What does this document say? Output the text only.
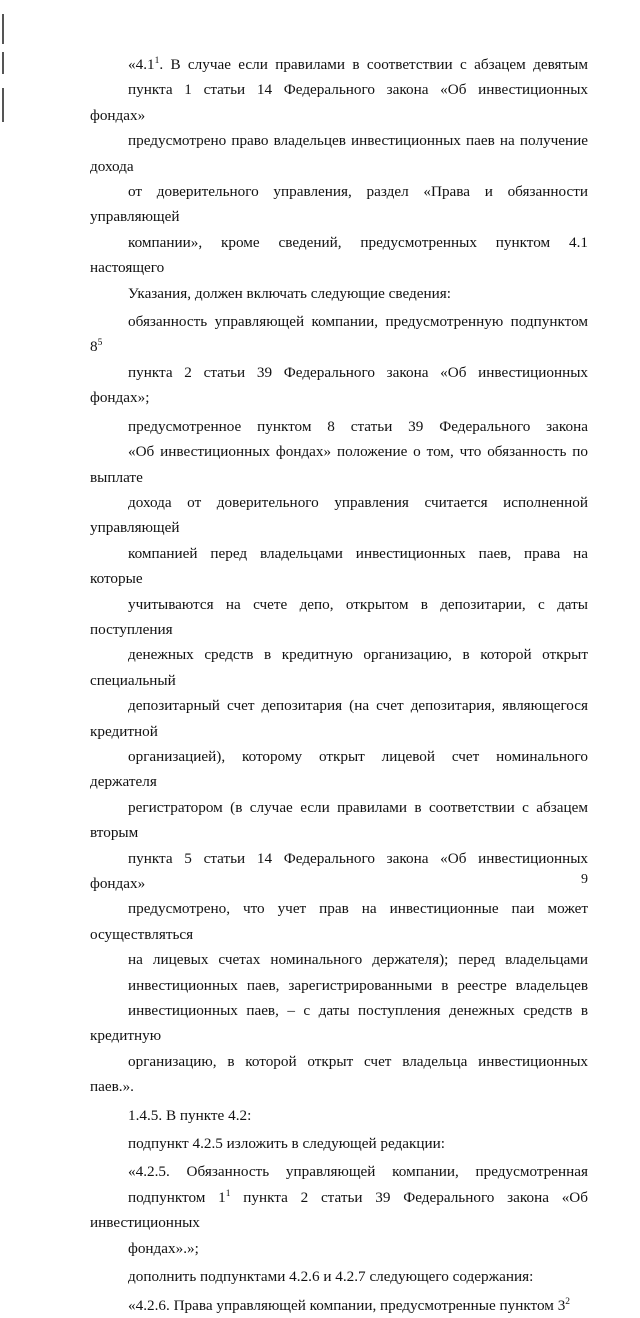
«$4.1^1$. В случае если правилами в соответствии с абзацем девятым
пункта 1 статьи 14 Федерального закона «Об инвестиционных фондах»
предусмотрено право владельцев инвестиционных паев на получение дохода
от доверительного управления, раздел «Права и обязанности управляющей
компании», кроме сведений, предусмотренных пунктом 4.1 настоящего
Указания, должен включать следующие сведения:

обязанность управляющей компании, предусмотренную подпунктом $8^5$
пункта 2 статьи 39 Федерального закона «Об инвестиционных фондах»;

предусмотренное пунктом 8 статьи 39 Федерального закона
«Об инвестиционных фондах» положение о том, что обязанность по выплате
дохода от доверительного управления считается исполненной управляющей
компанией перед владельцами инвестиционных паев, права на которые
учитываются на счете депо, открытом в депозитарии, с даты поступления
денежных средств в кредитную организацию, в которой открыт специальный
депозитарный счет депозитария (на счет депозитария, являющегося кредитной
организацией), которому открыт лицевой счет номинального держателя
регистратором (в случае если правилами в соответствии с абзацем вторым
пункта 5 статьи 14 Федерального закона «Об инвестиционных фондах»
предусмотрено, что учет прав на инвестиционные паи может осуществляться
на лицевых счетах номинального держателя); перед владельцами
инвестиционных паев, зарегистрированными в реестре владельцев
инвестиционных паев, – с даты поступления денежных средств в кредитную
организацию, в которой открыт счет владельца инвестиционных паев.».

1.4.5. В пункте 4.2:

подпункт 4.2.5 изложить в следующей редакции:

«4.2.5. Обязанность управляющей компании, предусмотренная
подпунктом $1^1$ пункта 2 статьи 39 Федерального закона «Об инвестиционных
фондах».»;

дополнить подпунктами 4.2.6 и 4.2.7 следующего содержания:

«4.2.6. Права управляющей компании, предусмотренные пунктом $3^2$

9
